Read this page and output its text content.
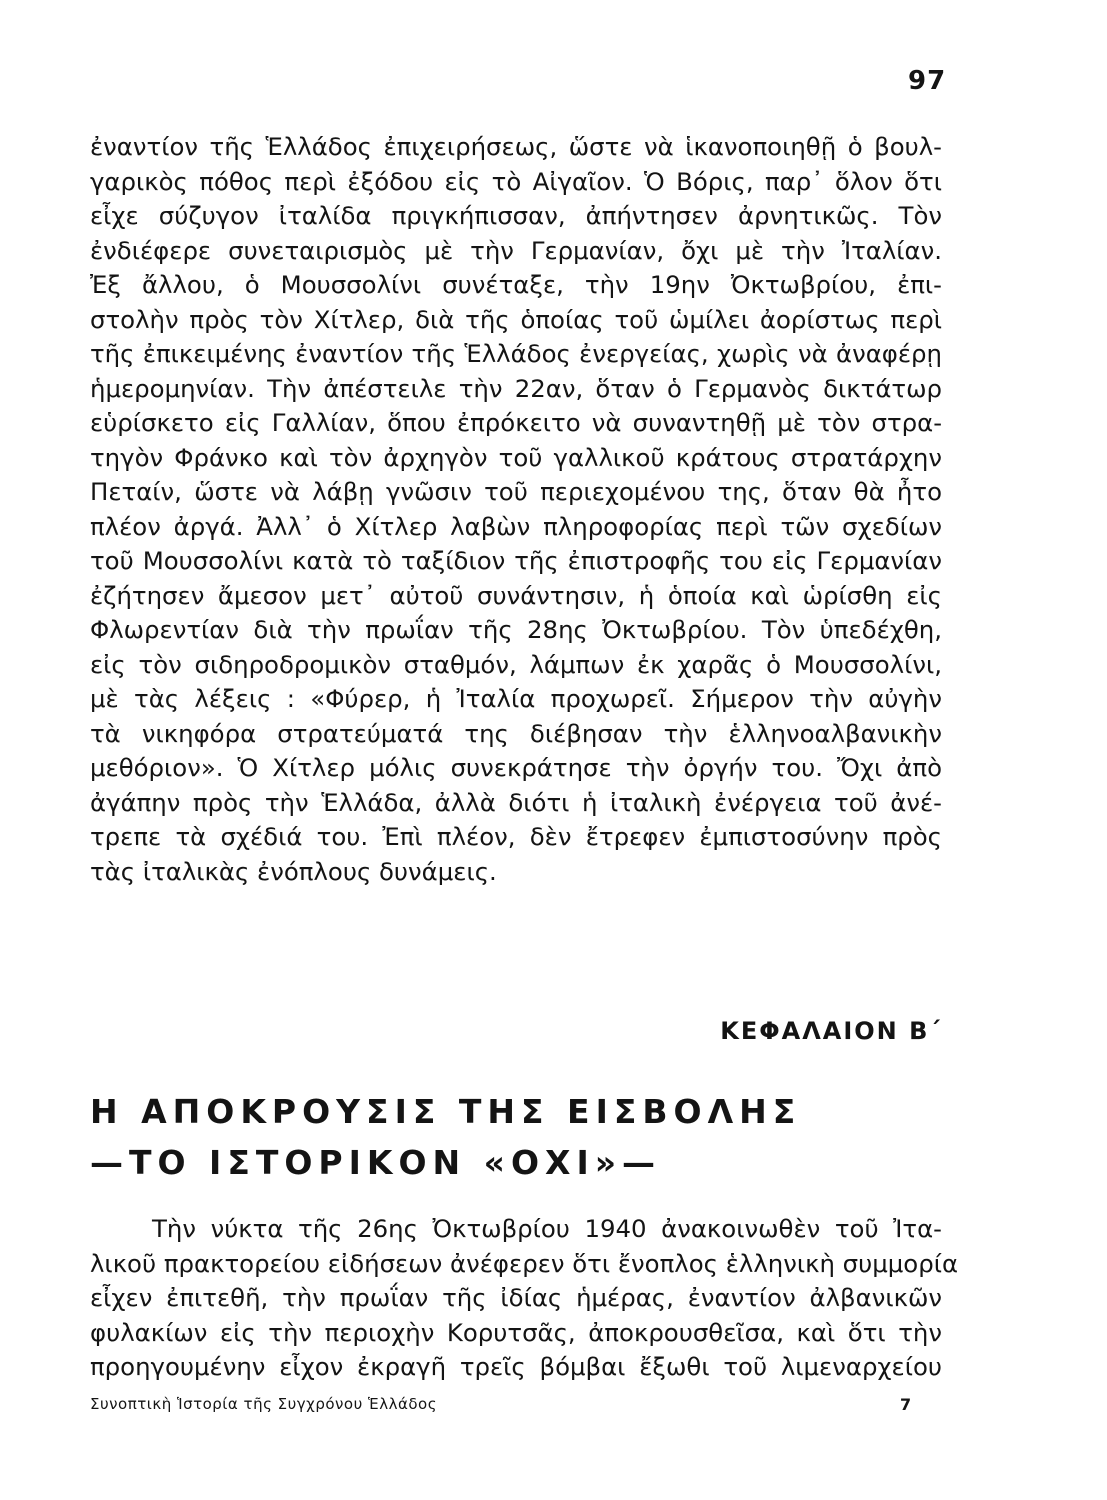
97
ἐναντίον τῆς Ἑλλάδος ἐπιχειρήσεως, ὥστε νὰ ἱκανοποιηθῇ ὁ βουλ-
γαρικὸς πόθος περὶ ἐξόδου εἰς τὸ Αἰγαῖον. Ὁ Βόρις, παρ᾽ ὅλον ὅτι
εἶχε σύζυγον ἰταλίδα πριγκήπισσαν, ἀπήντησεν ἀρνητικῶς. Τὸν
ἐνδιέφερε συνεταιρισμὸς μὲ τὴν Γερμανίαν, ὄχι μὲ τὴν Ἰταλίαν.
Ἐξ ἄλλου, ὁ Μουσσολίνι συνέταξε, τὴν 19ην Ὀκτωβρίου, ἐπι-
στολὴν πρὸς τὸν Χίτλερ, διὰ τῆς ὁποίας τοῦ ὡμίλει ἀορίστως περὶ
τῆς ἐπικειμένης ἐναντίον τῆς Ἑλλάδος ἐνεργείας, χωρὶς νὰ ἀναφέρῃ
ἡμερομηνίαν. Τὴν ἀπέστειλε τὴν 22αν, ὅταν ὁ Γερμανὸς δικτάτωρ
εὑρίσκετο εἰς Γαλλίαν, ὅπου ἐπρόκειτο νὰ συναντηθῇ μὲ τὸν στρα-
τηγὸν Φράνκο καὶ τὸν ἀρχηγὸν τοῦ γαλλικοῦ κράτους στρατάρχην
Πεταίν, ὥστε νὰ λάβῃ γνῶσιν τοῦ περιεχομένου της, ὅταν θὰ ἦτο
πλέον ἀργά. Ἀλλ᾽ ὁ Χίτλερ λαβὼν πληροφορίας περὶ τῶν σχεδίων
τοῦ Μουσσολίνι κατὰ τὸ ταξίδιον τῆς ἐπιστροφῆς του εἰς Γερμανίαν
ἐζήτησεν ἄμεσον μετ᾽ αὐτοῦ συνάντησιν, ἡ ὁποία καὶ ὡρίσθη εἰς
Φλωρεντίαν διὰ τὴν πρωΐαν τῆς 28ης Ὀκτωβρίου. Τὸν ὑπεδέχθη,
εἰς τὸν σιδηροδρομικὸν σταθμόν, λάμπων ἐκ χαρᾶς ὁ Μουσσολίνι,
μὲ τὰς λέξεις : «Φύρερ, ἡ Ἰταλία προχωρεῖ. Σήμερον τὴν αὐγὴν
τὰ νικηφόρα στρατεύματά της διέβησαν τὴν ἑλληνοαλβανικὴν
μεθόριον». Ὁ Χίτλερ μόλις συνεκράτησε τὴν ὀργήν του. Ὄχι ἀπὸ
ἀγάπην πρὸς τὴν Ἑλλάδα, ἀλλὰ διότι ἡ ἰταλικὴ ἐνέργεια τοῦ ἀνέ-
τρεπε τὰ σχέδιά του. Ἐπὶ πλέον, δὲν ἔτρεφεν ἐμπιστοσύνην πρὸς
τὰς ἰταλικὰς ἐνόπλους δυνάμεις.
ΚΕΦΑΛΑΙΟΝ Β΄
Η ΑΠΟΚΡΟΥΣΙΣ ΤΗΣ ΕΙΣΒΟΛΗΣ
—ΤΟ ΙΣΤΟΡΙΚΟΝ «ΟΧΙ»—
Τὴν νύκτα τῆς 26ης Ὀκτωβρίου 1940 ἀνακοινωθὲν τοῦ Ἰτα-
λικοῦ πρακτορείου εἰδήσεων ἀνέφερεν ὅτι ἔνοπλος ἑλληνικὴ συμμορία
εἶχεν ἐπιτεθῆ, τὴν πρωΐαν τῆς ἰδίας ἡμέρας, ἐναντίον ἀλβανικῶν
φυλακίων εἰς τὴν περιοχὴν Κορυτσᾶς, ἀποκρουσθεῖσα, καὶ ὅτι τὴν
προηγουμένην εἶχον ἐκραγῆ τρεῖς βόμβαι ἔξωθι τοῦ λιμεναρχείου
Συνοπτικὴ Ἱστορία τῆς Συγχρόνου Ἑλλάδος	7
